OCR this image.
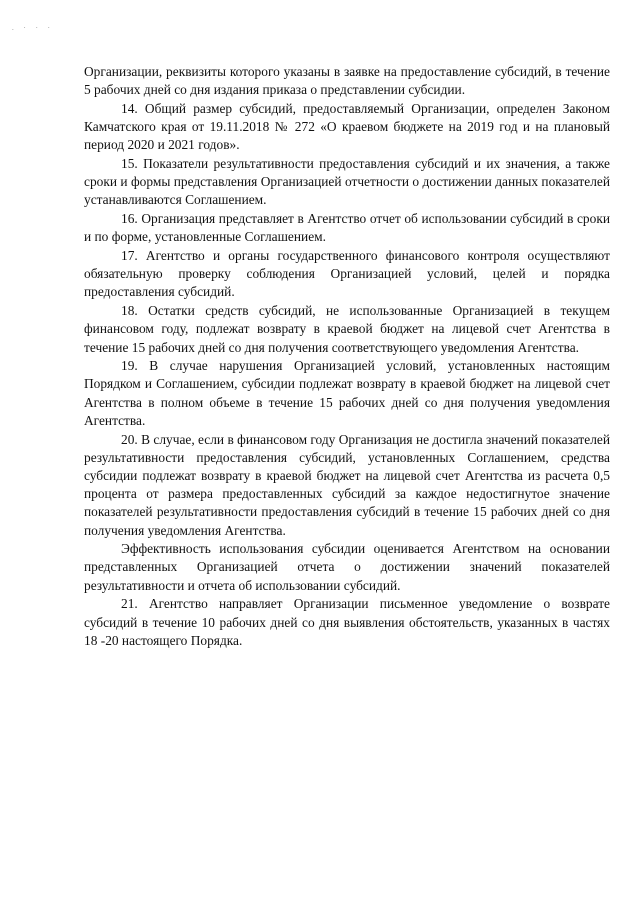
. · · ·

Организации, реквизиты которого указаны в заявке на предоставление субсидий, в течение 5 рабочих дней со дня издания приказа о представлении субсидии.

14. Общий размер субсидий, предоставляемый Организации, определен Законом Камчатского края от 19.11.2018 № 272 «О краевом бюджете на 2019 год и на плановый период 2020 и 2021 годов».

15. Показатели результативности предоставления субсидий и их значения, а также сроки и формы представления Организацией отчетности о достижении данных показателей устанавливаются Соглашением.

16. Организация представляет в Агентство отчет об использовании субсидий в сроки и по форме, установленные Соглашением.

17. Агентство и органы государственного финансового контроля осуществляют обязательную проверку соблюдения Организацией условий, целей и порядка предоставления субсидий.

18. Остатки средств субсидий, не использованные Организацией в текущем финансовом году, подлежат возврату в краевой бюджет на лицевой счет Агентства в течение 15 рабочих дней со дня получения соответствующего уведомления Агентства.

19. В случае нарушения Организацией условий, установленных настоящим Порядком и Соглашением, субсидии подлежат возврату в краевой бюджет на лицевой счет Агентства в полном объеме в течение 15 рабочих дней со дня получения уведомления Агентства.

20. В случае, если в финансовом году Организация не достигла значений показателей результативности предоставления субсидий, установленных Соглашением, средства субсидии подлежат возврату в краевой бюджет на лицевой счет Агентства из расчета 0,5 процента от размера предоставленных субсидий за каждое недостигнутое значение показателей результативности предоставления субсидий в течение 15 рабочих дней со дня получения уведомления Агентства.

Эффективность использования субсидии оценивается Агентством на основании представленных Организацией отчета о достижении значений показателей результативности и отчета об использовании субсидий.

21. Агентство направляет Организации письменное уведомление о возврате субсидий в течение 10 рабочих дней со дня выявления обстоятельств, указанных в частях 18 -20 настоящего Порядка.
